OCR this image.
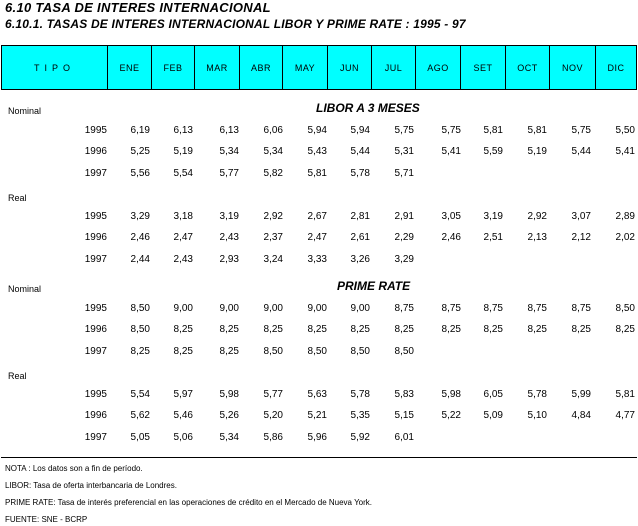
6.10 TASA DE INTERES INTERNACIONAL
6.10.1. TASAS DE INTERES INTERNACIONAL LIBOR Y PRIME RATE : 1995 - 97
TIPO	ENE	FEB	MAR	ABR	MAY	JUN	JUL	AGO	SET	OCT	NOV	DIC
LIBOR A 3 MESES
Nominal
1995	6,19	6,13	6,13	6,06	5,94	5,94	5,75	5,75	5,81	5,81	5,75	5,50
1996	5,25	5,19	5,34	5,34	5,43	5,44	5,31	5,41	5,59	5,19	5,44	5,41
1997	5,56	5,54	5,77	5,82	5,81	5,78	5,71
Real
1995	3,29	3,18	3,19	2,92	2,67	2,81	2,91	3,05	3,19	2,92	3,07	2,89
1996	2,46	2,47	2,43	2,37	2,47	2,61	2,29	2,46	2,51	2,13	2,12	2,02
1997	2,44	2,43	2,93	3,24	3,33	3,26	3,29
PRIME RATE
Nominal
1995	8,50	9,00	9,00	9,00	9,00	9,00	8,75	8,75	8,75	8,75	8,75	8,50
1996	8,50	8,25	8,25	8,25	8,25	8,25	8,25	8,25	8,25	8,25	8,25	8,25
1997	8,25	8,25	8,25	8,50	8,50	8,50	8,50
Real
1995	5,54	5,97	5,98	5,77	5,63	5,78	5,83	5,98	6,05	5,78	5,99	5,81
1996	5,62	5,46	5,26	5,20	5,21	5,35	5,15	5,22	5,09	5,10	4,84	4,77
1997	5,05	5,06	5,34	5,86	5,96	5,92	6,01
NOTA : Los datos son a fin de período.
LIBOR: Tasa de oferta interbancaria de Londres.
PRIME RATE: Tasa de interés preferencial en las operaciones de crédito en el Mercado de Nueva York.
FUENTE: SNE - BCRP
